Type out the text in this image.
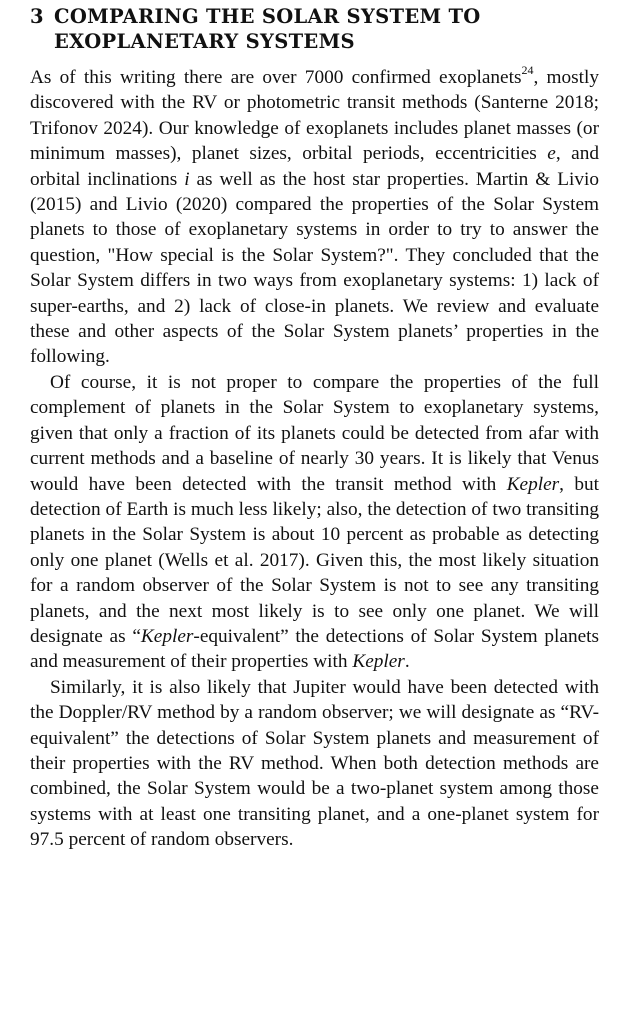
3 COMPARING THE SOLAR SYSTEM TO EXOPLANETARY SYSTEMS

As of this writing there are over 7000 confirmed exoplanets$^{24}$, mostly discovered with the RV or photometric transit methods (Santerne 2018; Trifonov 2024). Our knowledge of exoplanets includes planet masses (or minimum masses), planet sizes, orbital periods, eccentricities e, and orbital inclinations i as well as the host star properties. Martin & Livio (2015) and Livio (2020) compared the properties of the Solar System planets to those of exoplanetary systems in order to try to answer the question, "How special is the Solar System?". They concluded that the Solar System differs in two ways from exoplanetary systems: 1) lack of super-earths, and 2) lack of close-in planets. We review and evaluate these and other aspects of the Solar System planets’ properties in the following.

Of course, it is not proper to compare the properties of the full complement of planets in the Solar System to exoplanetary systems, given that only a fraction of its planets could be detected from afar with current methods and a baseline of nearly 30 years. It is likely that Venus would have been detected with the transit method with Kepler, but detection of Earth is much less likely; also, the detection of two transiting planets in the Solar System is about 10 percent as probable as detecting only one planet (Wells et al. 2017). Given this, the most likely situation for a random observer of the Solar System is not to see any transiting planets, and the next most likely is to see only one planet. We will designate as “Kepler-equivalent” the detections of Solar System planets and measurement of their properties with Kepler.

Similarly, it is also likely that Jupiter would have been detected with the Doppler/RV method by a random observer; we will designate as “RV-equivalent” the detections of Solar System planets and measurement of their properties with the RV method. When both detection methods are combined, the Solar System would be a two-planet system among those systems with at least one transiting planet, and a one-planet system for 97.5 percent of random observers.
